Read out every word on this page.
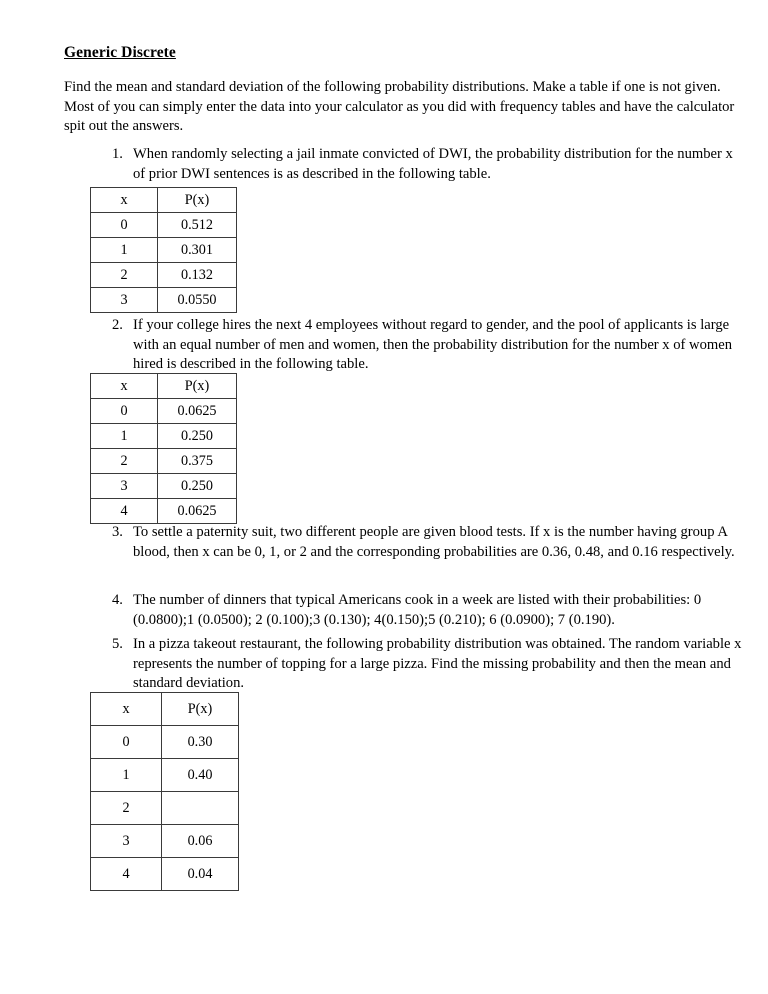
Generic Discrete
Find the mean and standard deviation of the following probability distributions. Make a table if one is not given. Most of you can simply enter the data into your calculator as you did with frequency tables and have the calculator spit out the answers.
1. When randomly selecting a jail inmate convicted of DWI, the probability distribution for the number x of prior DWI sentences is as described in the following table.
x	P(x)
0	0.512
1	0.301
2	0.132
3	0.0550
2. If your college hires the next 4 employees without regard to gender, and the pool of applicants is large with an equal number of men and women, then the probability distribution for the number x of women hired is described in the following table.
x	P(x)
0	0.0625
1	0.250
2	0.375
3	0.250
4	0.0625
3. To settle a paternity suit, two different people are given blood tests. If x is the number having group A blood, then x can be 0, 1, or 2 and the corresponding probabilities are 0.36, 0.48, and 0.16 respectively.
4. The number of dinners that typical Americans cook in a week are listed with their probabilities: 0 (0.0800);1 (0.0500); 2 (0.100);3 (0.130); 4(0.150);5 (0.210); 6 (0.0900); 7 (0.190).
5. In a pizza takeout restaurant, the following probability distribution was obtained. The random variable x represents the number of topping for a large pizza. Find the missing probability and then the mean and standard deviation.
x	P(x)
0	0.30
1	0.40
2	
3	0.06
4	0.04
